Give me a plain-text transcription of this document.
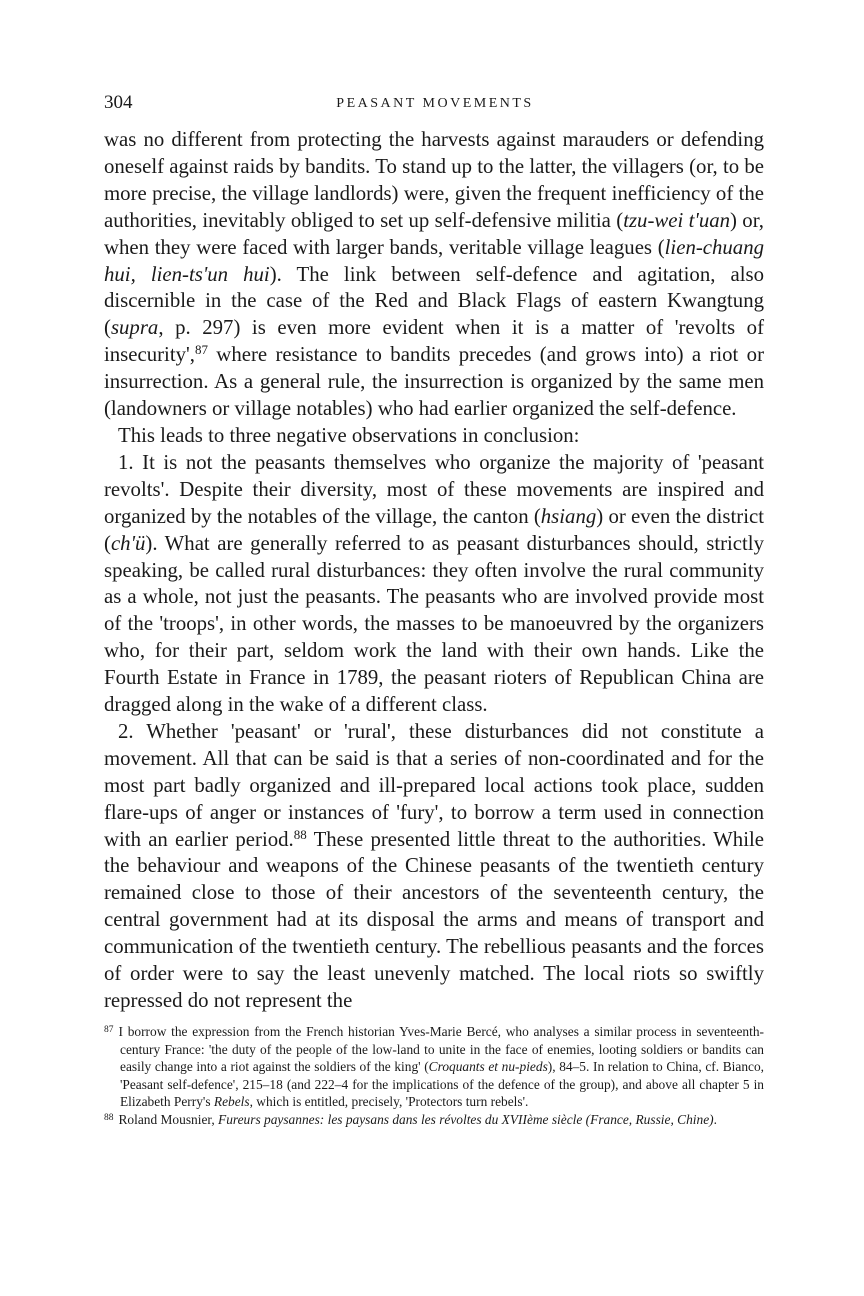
304	PEASANT MOVEMENTS

was no different from protecting the harvests against marauders or defending oneself against raids by bandits. To stand up to the latter, the villagers (or, to be more precise, the village landlords) were, given the frequent inefficiency of the authorities, inevitably obliged to set up self-defensive militia (tzu-wei t'uan) or, when they were faced with larger bands, veritable village leagues (lien-chuang hui, lien-ts'un hui). The link between self-defence and agitation, also discernible in the case of the Red and Black Flags of eastern Kwangtung (supra, p. 297) is even more evident when it is a matter of 'revolts of insecurity',$^{87}$ where resistance to bandits precedes (and grows into) a riot or insurrection. As a general rule, the insurrection is organized by the same men (landowners or village notables) who had earlier organized the self-defence.

This leads to three negative observations in conclusion:

1. It is not the peasants themselves who organize the majority of 'peasant revolts'. Despite their diversity, most of these movements are inspired and organized by the notables of the village, the canton (hsiang) or even the district (ch'ü). What are generally referred to as peasant disturbances should, strictly speaking, be called rural disturbances: they often involve the rural community as a whole, not just the peasants. The peasants who are involved provide most of the 'troops', in other words, the masses to be manoeuvred by the organizers who, for their part, seldom work the land with their own hands. Like the Fourth Estate in France in 1789, the peasant rioters of Republican China are dragged along in the wake of a different class.

2. Whether 'peasant' or 'rural', these disturbances did not constitute a movement. All that can be said is that a series of non-coordinated and for the most part badly organized and ill-prepared local actions took place, sudden flare-ups of anger or instances of 'fury', to borrow a term used in connection with an earlier period.$^{88}$ These presented little threat to the authorities. While the behaviour and weapons of the Chinese peasants of the twentieth century remained close to those of their ancestors of the seventeenth century, the central government had at its disposal the arms and means of transport and communication of the twentieth century. The rebellious peasants and the forces of order were to say the least unevenly matched. The local riots so swiftly repressed do not represent the

$^{87}$ I borrow the expression from the French historian Yves-Marie Bercé, who analyses a similar process in seventeenth-century France: 'the duty of the people of the low-land to unite in the face of enemies, looting soldiers or bandits can easily change into a riot against the soldiers of the king' (Croquants et nu-pieds), 84–5. In relation to China, cf. Bianco, 'Peasant self-defence', 215–18 (and 222–4 for the implications of the defence of the group), and above all chapter 5 in Elizabeth Perry's Rebels, which is entitled, precisely, 'Protectors turn rebels'.

$^{88}$ Roland Mousnier, Fureurs paysannes: les paysans dans les révoltes du XVIIème siècle (France, Russie, Chine).
